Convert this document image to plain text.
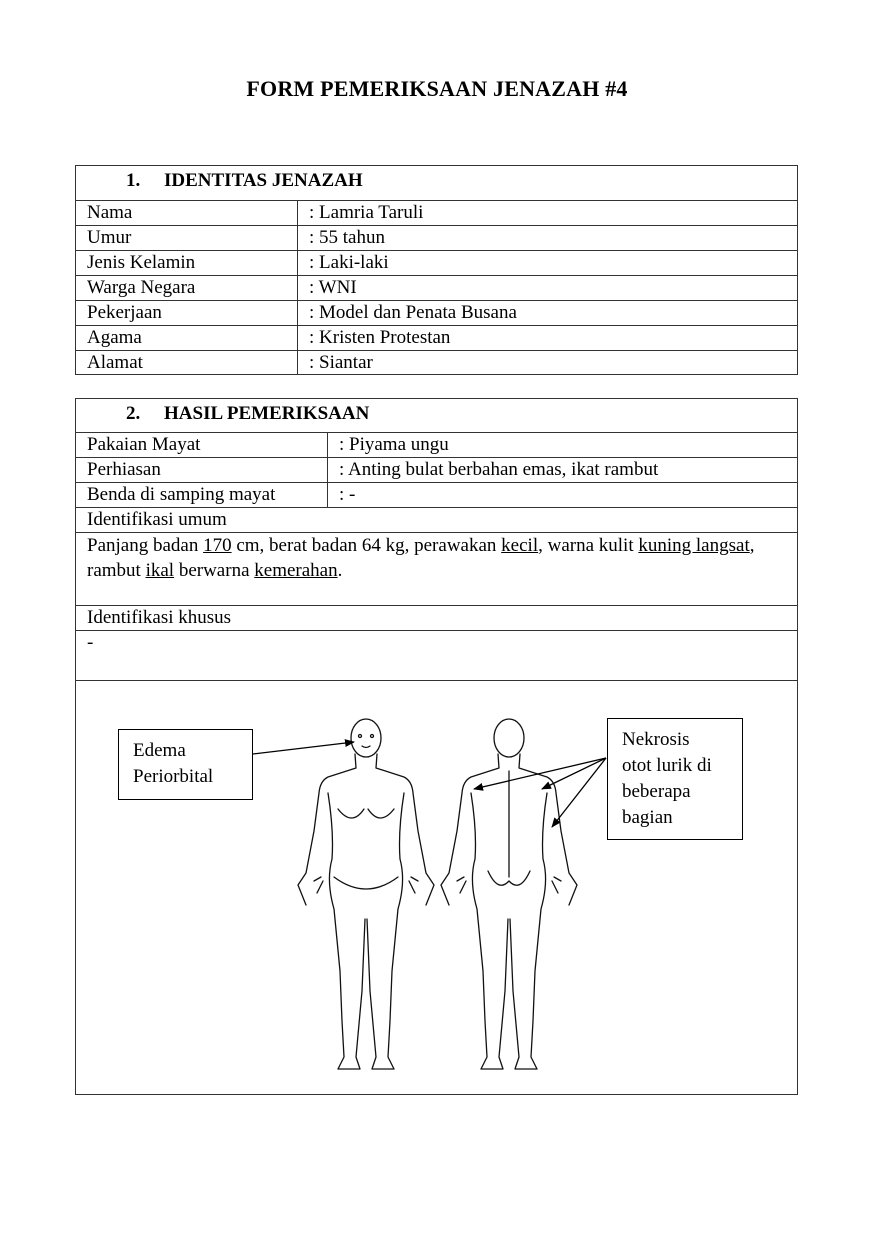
FORM PEMERIKSAAN JENAZAH #4
1. IDENTITAS JENAZAH
Nama	: Lamria Taruli
Umur	: 55 tahun
Jenis Kelamin	: Laki-laki
Warga Negara	: WNI
Pekerjaan	: Model dan Penata Busana
Agama	: Kristen Protestan
Alamat	: Siantar
2. HASIL PEMERIKSAAN
Pakaian Mayat	: Piyama ungu
Perhiasan	: Anting bulat berbahan emas, ikat rambut
Benda di samping mayat	: -
Identifikasi umum
Panjang badan 170 cm, berat badan 64 kg, perawakan kecil, warna kulit kuning langsat, rambut ikal berwarna kemerahan.
Identifikasi khusus
-
Edema
Periorbital
Nekrosis
otot lurik di
beberapa
bagian
